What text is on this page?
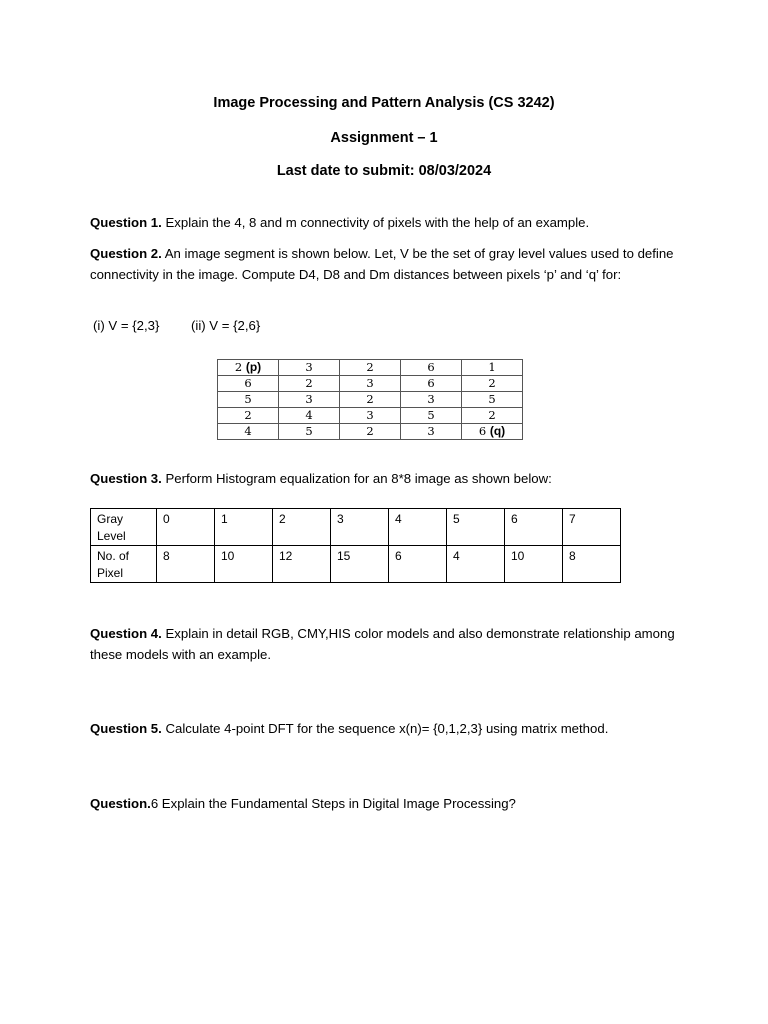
Image Processing and Pattern Analysis (CS 3242)
Assignment – 1
Last date to submit: 08/03/2024
Question 1. Explain the 4, 8 and m connectivity of pixels with the help of an example.
Question 2. An image segment is shown below. Let, V be the set of gray level values used to define connectivity in the image. Compute D4, D8 and Dm distances between pixels ‘p’ and ‘q’ for:
(i) V = {2,3} (ii) V = {2,6}
2 (p)	3	2	6	1
6	2	3	6	2
5	3	2	3	5
2	4	3	5	2
4	5	2	3	6 (q)
Question 3. Perform Histogram equalization for an 8*8 image as shown below:
Gray
Level	0	1	2	3	4	5	6	7
No. of
Pixel	8	10	12	15	6	4	10	8
Question 4. Explain in detail RGB, CMY,HIS color models and also demonstrate relationship among these models with an example.
Question 5. Calculate 4-point DFT for the sequence x(n)= {0,1,2,3} using matrix method.
Question.6 Explain the Fundamental Steps in Digital Image Processing?
